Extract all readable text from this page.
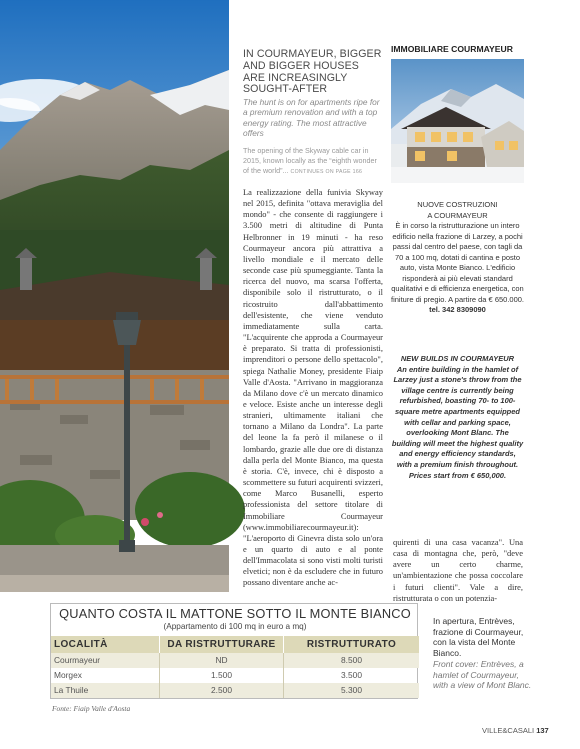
IN COURMAYEUR, BIGGER AND BIGGER HOUSES ARE INCREASINGLY SOUGHT-AFTER
The hunt is on for apartments ripe for a premium renovation and with a top energy rating. The most attractive offers
The opening of the Skyway cable car in 2015, known locally as the “eighth wonder of the world”... CONTINUES ON PAGE 166
La realizzazione della funivia Skyway nel 2015, definita "ottava meraviglia del mondo" - che consente di raggiungere i 3.500 metri di altitudine di Punta Helbronner in 19 minuti - ha reso Courmayeur ancora più attrattiva a livello mondiale e il mercato delle seconde case più spumeggiante. Tanta la ricerca del nuovo, ma scarsa l'offerta, disponibile solo il ristrutturato, o il ricostruito dall'abbattimento dell'esistente, che viene venduto immediatamente sulla carta. "L'acquirente che approda a Courmayeur è preparato. Si tratta di professionisti, imprenditori o persone dello spettacolo", spiega Nathalie Money, presidente Fiaip Valle d'Aosta. "Arrivano in maggioranza da Milano dove c'è un mercato dinamico e veloce. Esiste anche un interesse degli stranieri, ultimamente italiani che tornano a Milano da Londra". La parte del leone la fa però il milanese o il lombardo, grazie alle due ore di distanza dalla perla del Monte Bianco, ma questa è storia. C'è, invece, chi è disposto a scommettere su futuri acquirenti svizzeri, come Marco Busanelli, esperto professionista del settore titolare di Immobiliare Courmayeur (www.immobiliarecourmayeur.it): "L'aeroporto di Ginevra dista solo un'ora e un quarto di auto e al ponte dell'Immacolata si sono visti molti turisti elvetici; non è da escludere che in futuro possano diventare anche ac-
quirenti di una casa vacanza". Una casa di montagna che, però, "deve avere un certo charme, un'ambientazione che possa coccolare i futuri clienti". Vale a dire, ristrutturata o con un potenzia-
IMMOBILIARE COURMAYEUR
NUOVE COSTRUZIONI
A COURMAYEUR
È in corso la ristrutturazione un intero edificio nella frazione di Larzey, a pochi passi dal centro del paese, con tagli da 70 a 100 mq, dotati di cantina e posto auto, vista Monte Bianco. L'edificio risponderà ai più elevati standard qualitativi e di efficienza energetica, con finiture di pregio. A partire da € 650.000.
tel. 342 8309090
NEW BUILDS IN COURMAYEUR
An entire building in the hamlet of Larzey just a stone's throw from the village centre is currently being refurbished, boasting 70- to 100-square metre apartments equipped with cellar and parking space, overlooking Mont Blanc. The building will meet the highest quality and energy efficiency standards, with a premium finish throughout.
Prices start from € 650,000.
QUANTO COSTA IL MATTONE SOTTO IL MONTE BIANCO
(Appartamento di 100 mq in euro a mq)
LOCALITÀ	DA RISTRUTTURARE	RISTRUTTURATO
Courmayeur	ND	8.500
Morgex	1.500	3.500
La Thuile	2.500	5.300
Fonte: Fiaip Valle d'Aosta
In apertura, Entrèves, frazione di Courmayeur, con la vista del Monte Bianco.
Front cover: Entrèves, a hamlet of Courmayeur, with a view of Mont Blanc.
VILLE&CASALI 137
